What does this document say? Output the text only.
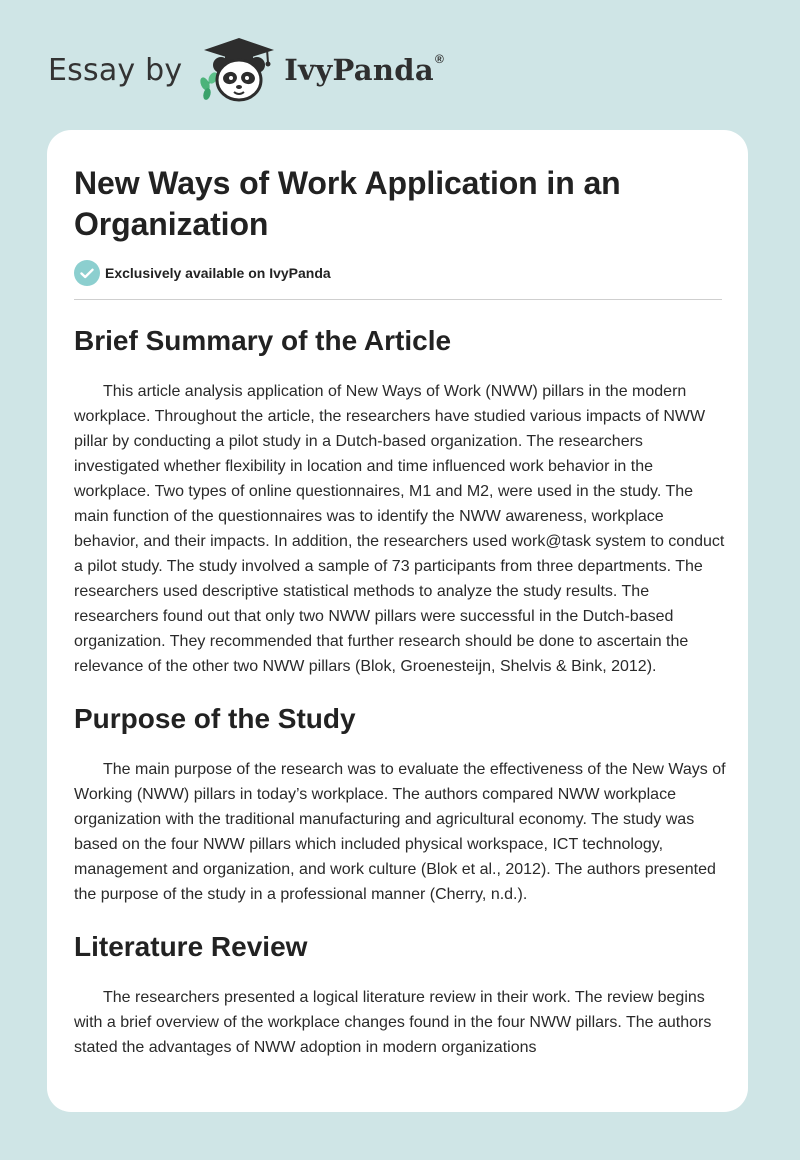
Essay by	IvyPanda®
New Ways of Work Application in an Organization
Exclusively available on IvyPanda
Brief Summary of the Article

This article analysis application of New Ways of Work (NWW) pillars in the modern workplace. Throughout the article, the researchers have studied various impacts of NWW pillar by conducting a pilot study in a Dutch-based organization. The researchers investigated whether flexibility in location and time influenced work behavior in the workplace. Two types of online questionnaires, M1 and M2, were used in the study. The main function of the questionnaires was to identify the NWW awareness, workplace behavior, and their impacts. In addition, the researchers used work@task system to conduct a pilot study. The study involved a sample of 73 participants from three departments. The researchers used descriptive statistical methods to analyze the study results. The researchers found out that only two NWW pillars were successful in the Dutch-based organization. They recommended that further research should be done to ascertain the relevance of the other two NWW pillars (Blok, Groenesteijn, Shelvis & Bink, 2012).

Purpose of the Study

The main purpose of the research was to evaluate the effectiveness of the New Ways of Working (NWW) pillars in today’s workplace. The authors compared NWW workplace organization with the traditional manufacturing and agricultural economy. The study was based on the four NWW pillars which included physical workspace, ICT technology, management and organization, and work culture (Blok et al., 2012). The authors presented the purpose of the study in a professional manner (Cherry, n.d.).

Literature Review

The researchers presented a logical literature review in their work. The review begins with a brief overview of the workplace changes found in the four NWW pillars. The authors stated the advantages of NWW adoption in modern organizations
